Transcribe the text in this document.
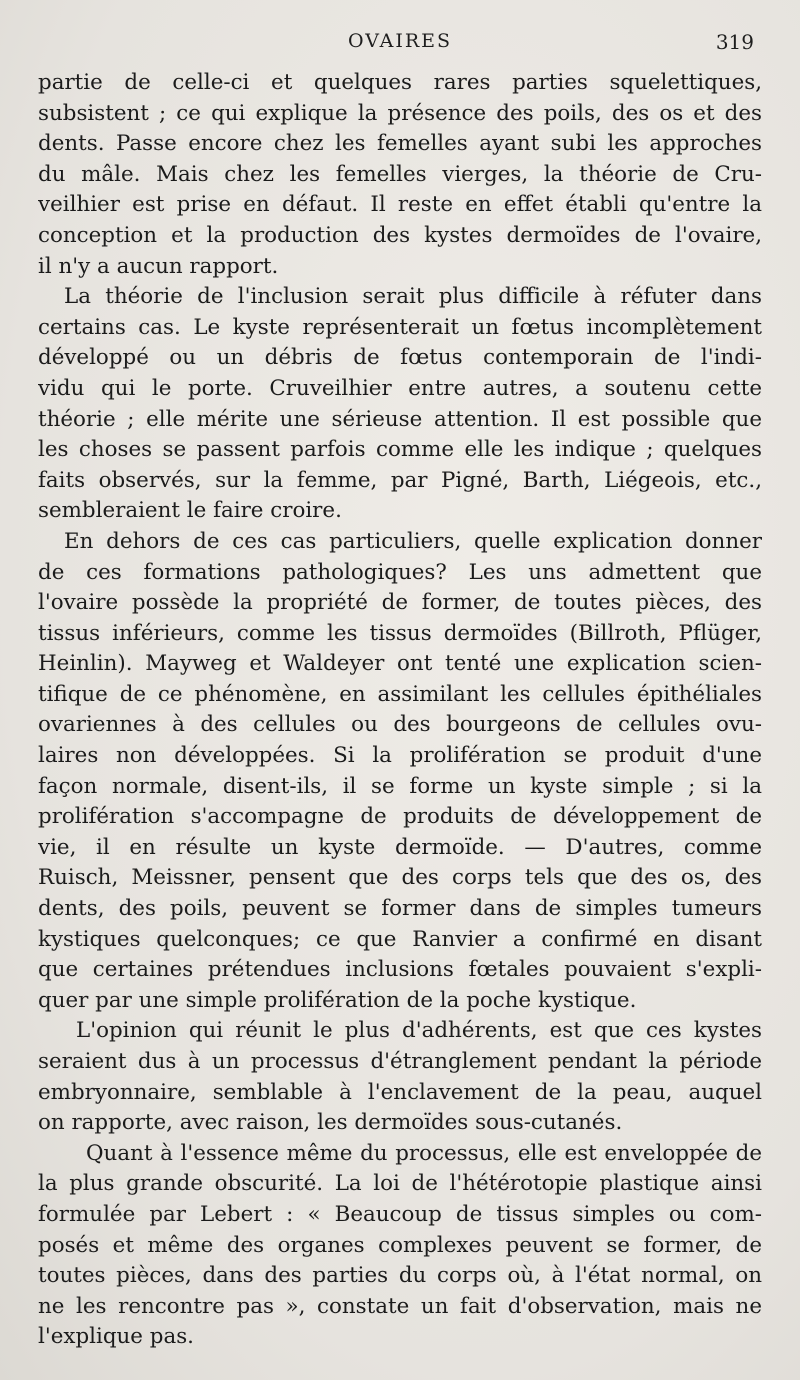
OVAIRES	319
partie de celle-ci et quelques rares parties squelettiques,
subsistent ; ce qui explique la présence des poils, des os et des
dents. Passe encore chez les femelles ayant subi les approches
du mâle. Mais chez les femelles vierges, la théorie de Cru-
veilhier est prise en défaut. Il reste en effet établi qu'entre la
conception et la production des kystes dermoïdes de l'ovaire,
il n'y a aucun rapport.
La théorie de l'inclusion serait plus difficile à réfuter dans
certains cas. Le kyste représenterait un fœtus incomplètement
développé ou un débris de fœtus contemporain de l'indi-
vidu qui le porte. Cruveilhier entre autres, a soutenu cette
théorie ; elle mérite une sérieuse attention. Il est possible que
les choses se passent parfois comme elle les indique ; quelques
faits observés, sur la femme, par Pigné, Barth, Liégeois, etc.,
sembleraient le faire croire.
En dehors de ces cas particuliers, quelle explication donner
de ces formations pathologiques? Les uns admettent que
l'ovaire possède la propriété de former, de toutes pièces, des
tissus inférieurs, comme les tissus dermoïdes (Billroth, Pflüger,
Heinlin). Mayweg et Waldeyer ont tenté une explication scien-
tifique de ce phénomène, en assimilant les cellules épithéliales
ovariennes à des cellules ou des bourgeons de cellules ovu-
laires non développées. Si la prolifération se produit d'une
façon normale, disent-ils, il se forme un kyste simple ; si la
prolifération s'accompagne de produits de développement de
vie, il en résulte un kyste dermoïde. — D'autres, comme
Ruisch, Meissner, pensent que des corps tels que des os, des
dents, des poils, peuvent se former dans de simples tumeurs
kystiques quelconques; ce que Ranvier a confirmé en disant
que certaines prétendues inclusions fœtales pouvaient s'expli-
quer par une simple prolifération de la poche kystique.
L'opinion qui réunit le plus d'adhérents, est que ces kystes
seraient dus à un processus d'étranglement pendant la période
embryonnaire, semblable à l'enclavement de la peau, auquel
on rapporte, avec raison, les dermoïdes sous-cutanés.
Quant à l'essence même du processus, elle est enveloppée de
la plus grande obscurité. La loi de l'hétérotopie plastique ainsi
formulée par Lebert : « Beaucoup de tissus simples ou com-
posés et même des organes complexes peuvent se former, de
toutes pièces, dans des parties du corps où, à l'état normal, on
ne les rencontre pas », constate un fait d'observation, mais ne
l'explique pas.
